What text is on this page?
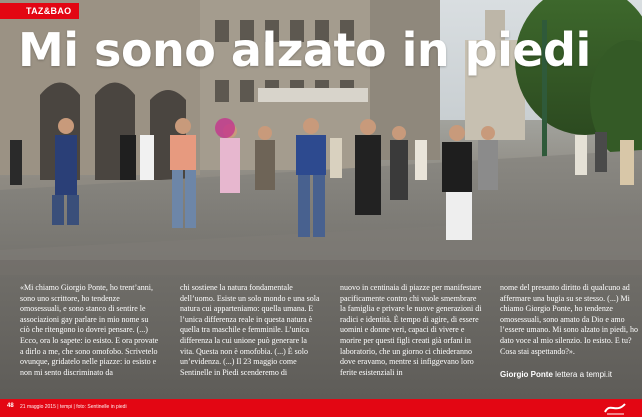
TAZ&BAO
Mi sono alzato in piedi

«Mi chiamo Giorgio Ponte, ho trent’anni, sono uno scrittore, ho tendenze omosessuali, e sono stanco di sentire le associazioni gay parlare in mio nome su ciò che ritengono io dovrei pensare. (...) Ecco, ora lo sapete: io esisto. E ora provate a dirlo a me, che sono omofobo. Scrivetelo ovunque, gridatelo nelle piazze: io esisto e non mi sento discriminato da

chi sostiene la natura fondamentale dell’uomo. Esiste un solo mondo e una sola natura cui apparteniamo: quella umana. E l’unica differenza reale in questa natura è quella tra maschile e femminile. L’unica differenza la cui unione può generare la vita. Questa non è omofobia. (...) È solo un’evidenza. (...) Il 23 maggio come Sentinelle in Piedi scenderemo di

nuovo in centinaia di piazze per manifestare pacificamente contro chi vuole smembrare la famiglia e privare le nuove generazioni di radici e identità. È tempo di agire, di essere uomini e donne veri, capaci di vivere e morire per questi figli creati già orfani in laboratorio, che un giorno ci chiederanno dove eravamo, mentre si infiggevano loro ferite esistenziali in

nome del presunto diritto di qualcuno ad affermare una bugia su se stesso. (...) Mi chiamo Giorgio Ponte, ho tendenze omosessuali, sono amato da Dio e amo l’essere umano. Mi sono alzato in piedi, ho dato voce al mio silenzio. Io esisto. E tu? Cosa stai aspettando?».

Giorgio Ponte lettera a tempi.it
48 21 maggio 2015 | tempi | foto: Sentinelle in piedi
